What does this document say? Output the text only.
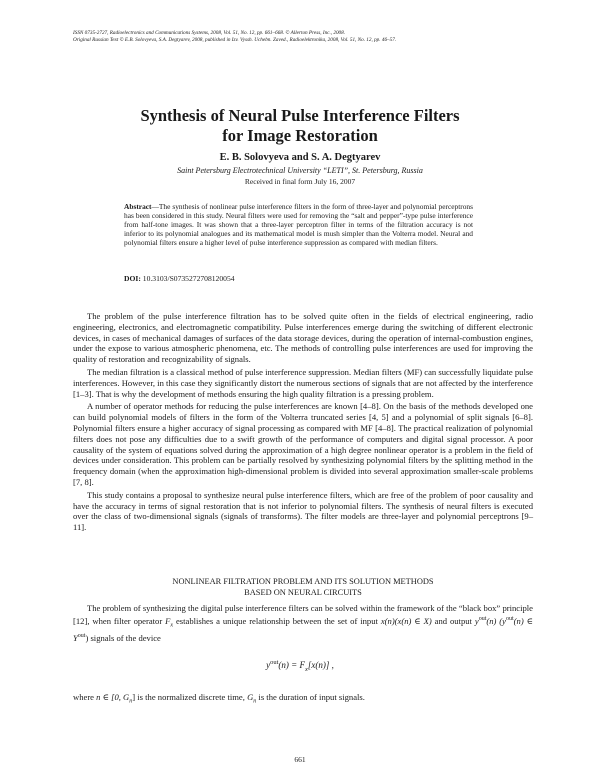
ISSN 0735-2727, Radioelectronics and Communications Systems, 2008, Vol. 51, No. 12, pp. 661–668. © Allerton Press, Inc., 2008.
Original Russian Text © E.B. Solovyeva, S.A. Degtyarev, 2008, published in Izv. Vyssh. Uchebn. Zaved., Radioelektronika, 2008, Vol. 51, No. 12, pp. 46–57.
Synthesis of Neural Pulse Interference Filters
for Image Restoration
E. B. Solovyeva and S. A. Degtyarev
Saint Petersburg Electrotechnical University “LETI”, St. Petersburg, Russia
Received in final form July 16, 2007
Abstract—The synthesis of nonlinear pulse interference filters in the form of three-layer and polynomial perceptrons has been considered in this study. Neural filters were used for removing the “salt and pepper”-type pulse interference from half-tone images. It was shown that a three-layer perceptron filter in terms of the filtration accuracy is not inferior to its polynomial analogues and its mathematical model is mush simpler than the Volterra model. Neural and polynomial filters ensure a higher level of pulse interference suppression as compared with median filters.
DOI: 10.3103/S0735272708120054

The problem of the pulse interference filtration has to be solved quite often in the fields of electrical engineering, radio engineering, electronics, and electromagnetic compatibility. Pulse interferences emerge during the switching of different electronic devices, in cases of mechanical damages of surfaces of the data storage devices, during the operation of internal-combustion engines, under the expose to various atmospheric phenomena, etc. The methods of controlling pulse interferences are used for improving the quality of restoration and recognizability of signals.

The median filtration is a classical method of pulse interference suppression. Median filters (MF) can successfully liquidate pulse interferences. However, in this case they significantly distort the numerous sections of signals that are not affected by the interference [1–3]. That is why the development of methods ensuring the high quality filtration is a pressing problem.

A number of operator methods for reducing the pulse interferences are known [4–8]. On the basis of the methods developed one can build polynomial models of filters in the form of the Volterra truncated series [4, 5] and a polynomial of split signals [6–8]. Polynomial filters ensure a higher accuracy of signal processing as compared with MF [4–8]. The practical realization of polynomial filters does not pose any difficulties due to a swift growth of the performance of computers and digital signal processor. A poor causality of the system of equations solved during the approximation of a high degree nonlinear operator is a problem in the field of devices under consideration. This problem can be partially resolved by synthesizing polynomial filters by the splitting method in the frequency domain (when the approximation high-dimensional problem is divided into several approximation smaller-scale problems [7, 8].

This study contains a proposal to synthesize neural pulse interference filters, which are free of the problem of poor causality and have the accuracy in terms of signal restoration that is not inferior to polynomial filters. The synthesis of neural filters is executed over the class of two-dimensional signals (signals of transforms). The filter models are three-layer and polynomial perceptrons [9–11].

NONLINEAR FILTRATION PROBLEM AND ITS SOLUTION METHODS
BASED ON NEURAL CIRCUITS

The problem of synthesizing the digital pulse interference filters can be solved within the framework of the “black box” principle [12], when filter operator $F_x$ establishes a unique relationship between the set of input x(n)(x(n) ∈ X) and output $y^{out}(n)$ ($y^{out}(n)$ ∈ $Y^{out}$) signals of the device

$y^{out}(n) = F_x[x(n)]$ ,
where n ∈ [0, $G_n$] is the normalized discrete time, $G_n$ is the duration of input signals.
661
